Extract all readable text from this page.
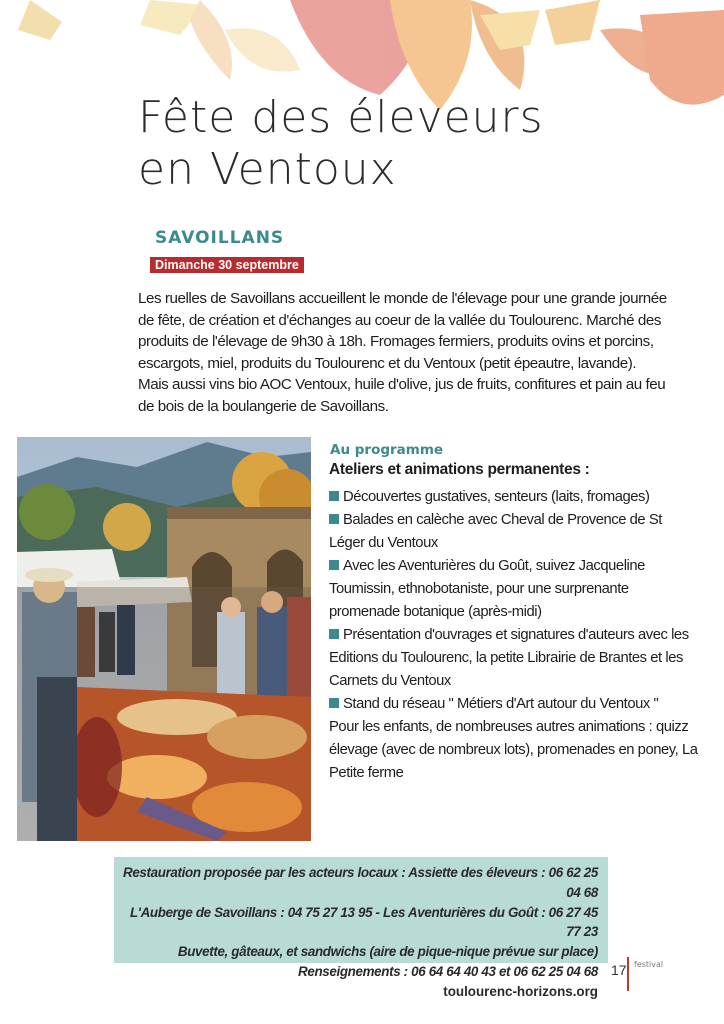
Fête des éleveurs
en Ventoux
SAVOILLANS
Dimanche 30 septembre

Les ruelles de Savoillans accueillent le monde de l'élevage pour une grande journée de fête, de création et d'échanges au coeur de la vallée du Toulourenc. Marché des produits de l'élevage de 9h30 à 18h. Fromages fermiers, produits ovins et porcins, escargots, miel, produits du Toulourenc et du Ventoux (petit épeautre, lavande). Mais aussi vins bio AOC Ventoux, huile d'olive, jus de fruits, confitures et pain au feu de bois de la boulangerie de Savoillans.

Au programme
Ateliers et animations permanentes :
Découvertes gustatives, senteurs (laits, fromages)
Balades en calèche avec Cheval de Provence de St Léger du Ventoux
Avec les Aventurières du Goût, suivez Jacqueline Toumissin, ethnobotaniste, pour une surprenante promenade botanique (après-midi)
Présentation d'ouvrages et signatures d'auteurs avec les Editions du Toulourenc, la petite Librairie de Brantes et les Carnets du Ventoux
Stand du réseau " Métiers d'Art autour du Ventoux "
Pour les enfants, de nombreuses autres animations : quizz élevage (avec de nombreux lots), promenades en poney, La Petite ferme
Restauration proposée par les acteurs locaux : Assiette des éleveurs : 06 62 25 04 68
L'Auberge de Savoillans : 04 75 27 13 95 - Les Aventurières du Goût : 06 27 45 77 23
Buvette, gâteaux, et sandwichs (aire de pique-nique prévue sur place)
Renseignements : 06 64 64 40 43 et 06 62 25 04 68
toulourenc-horizons.org
17 festival
